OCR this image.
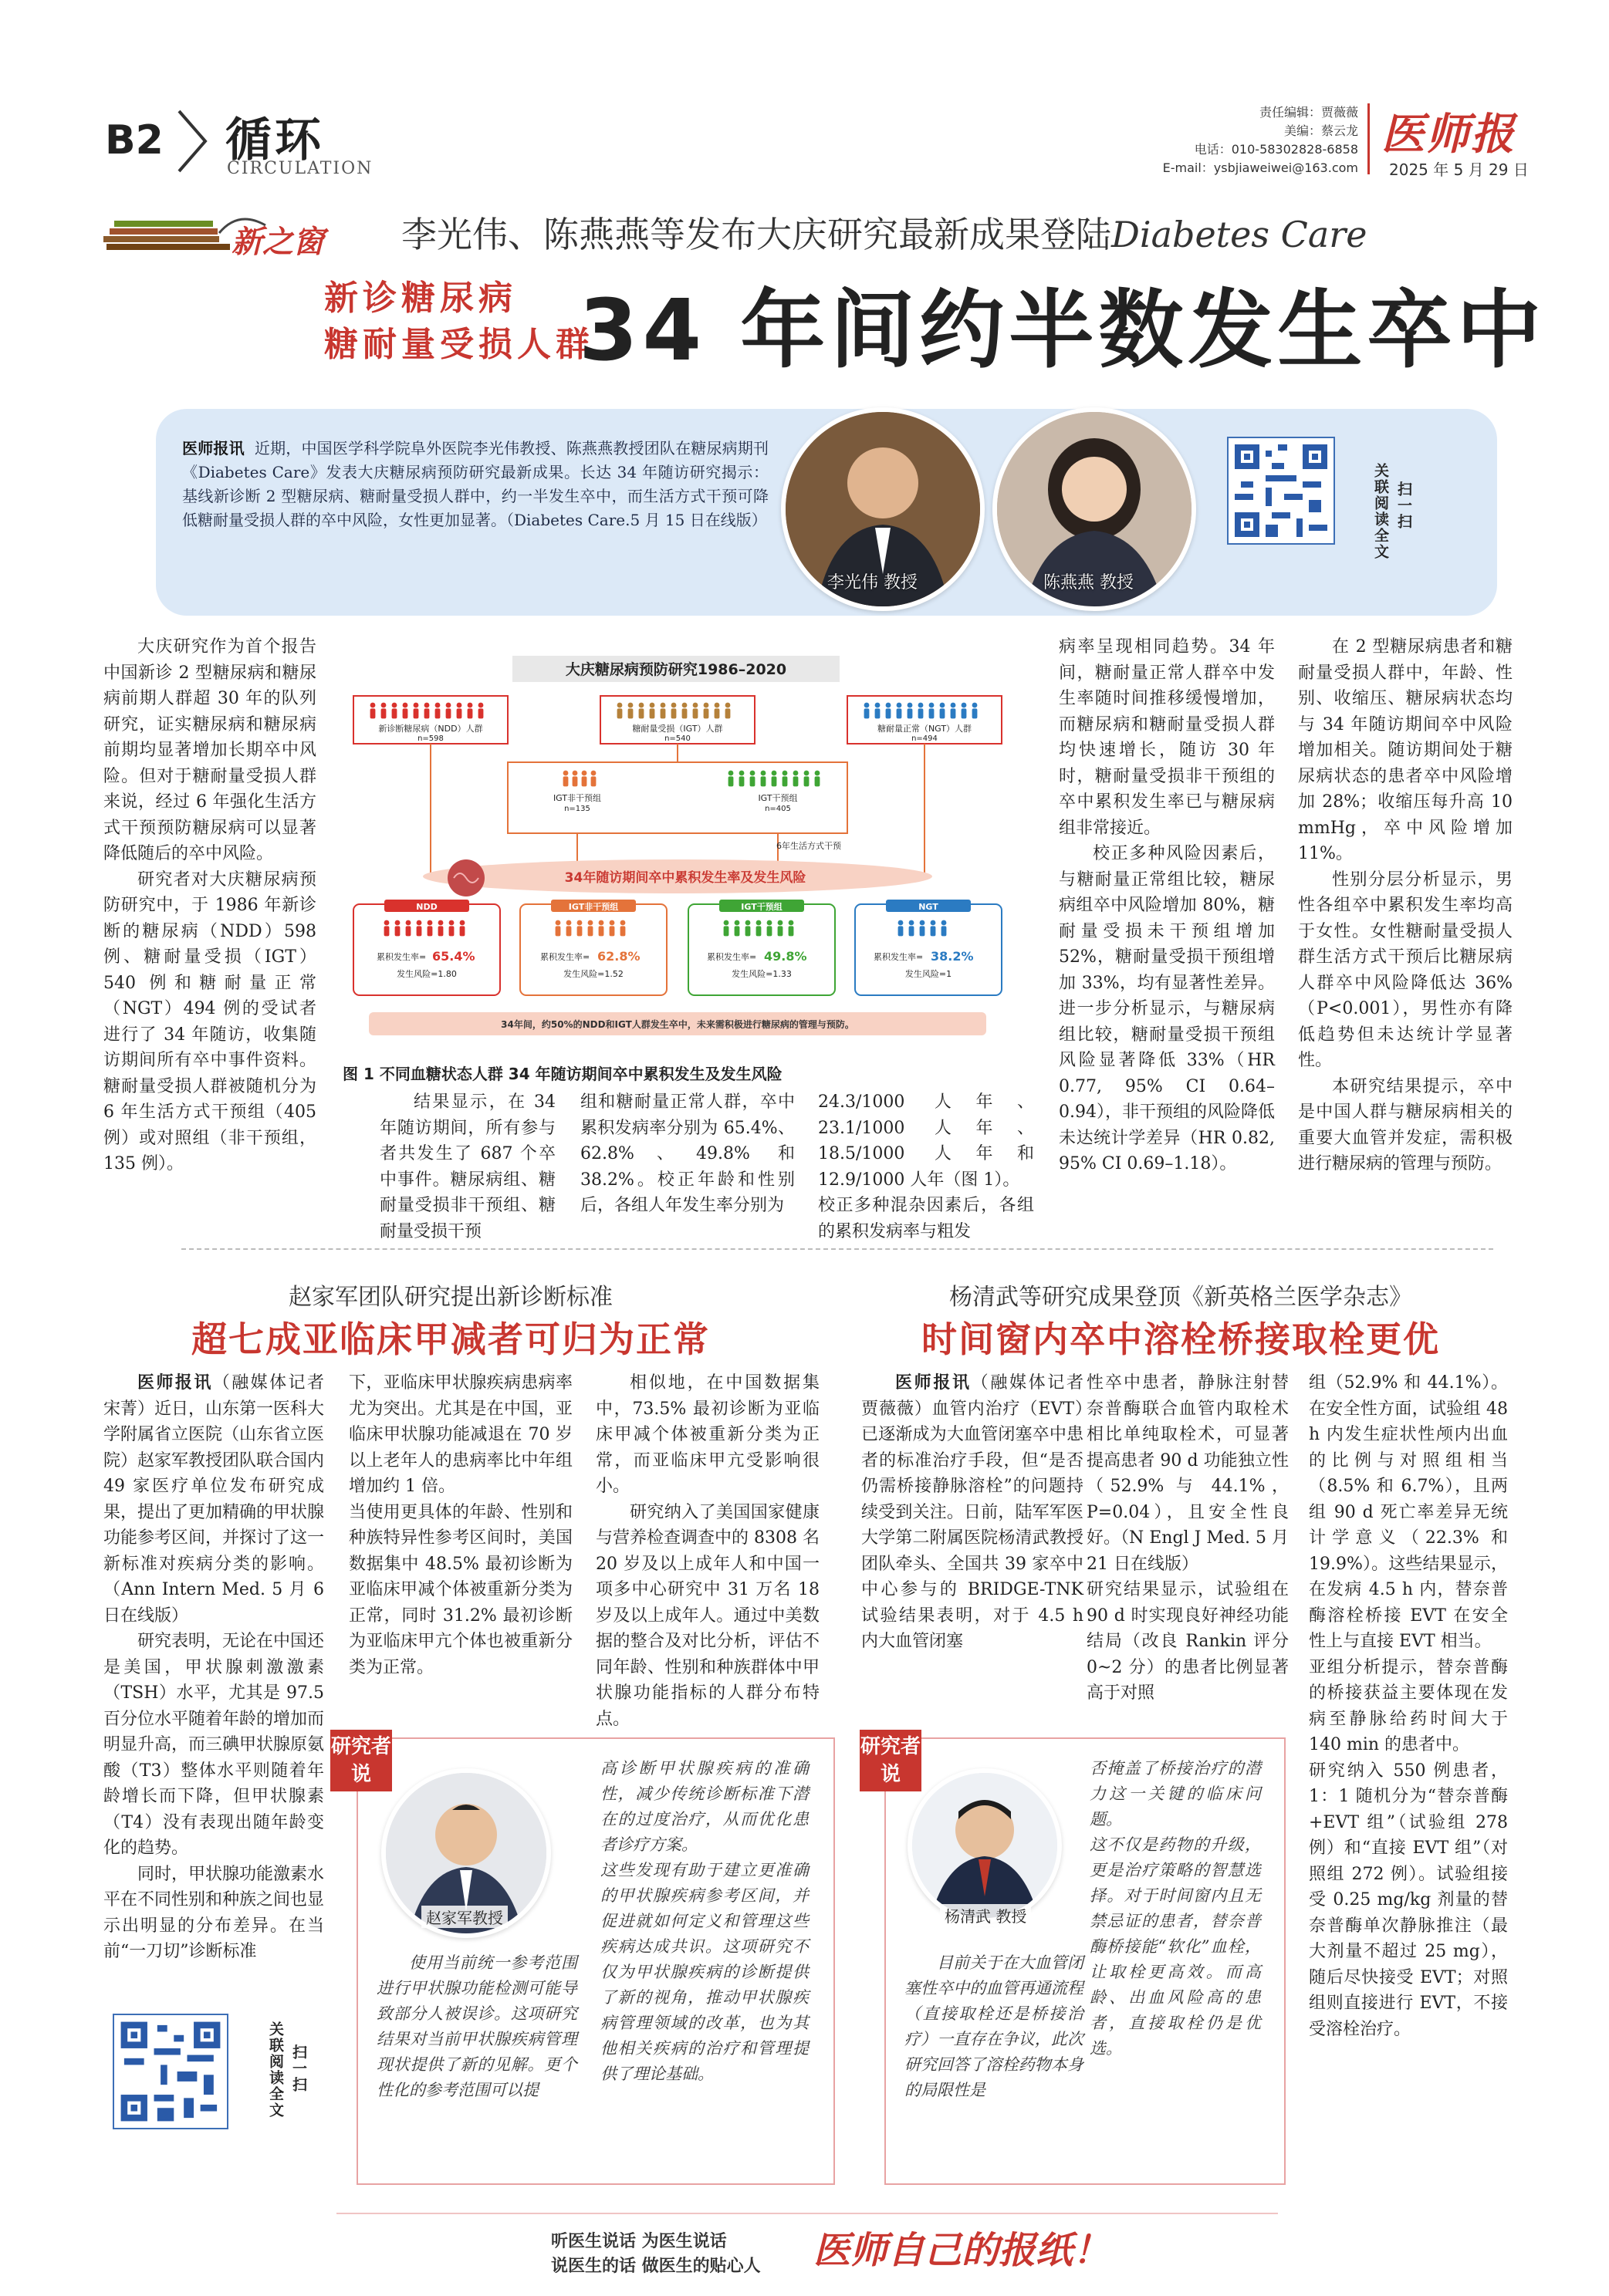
B2 循环
CIRCULATION
责任编辑：贾薇薇
美编：蔡云龙
电话：010-58302828-6858
E-mail：ysbjiaweiwei@163.com
医师报
2025 年 5 月 29 日
新之窗 李光伟、陈燕燕等发布大庆研究最新成果登陆Diabetes Care
新诊糖尿病
糖耐量受损人群
34 年间约半数发生卒中
医师报讯 近期，中国医学科学院阜外医院李光伟教授、陈燕燕教授团队在糖尿病期刊《Diabetes Care》发表大庆糖尿病预防研究最新成果。长达 34 年随访研究揭示：基线新诊断 2 型糖尿病、糖耐量受损人群中，约一半发生卒中，而生活方式干预可降低糖耐量受损人群的卒中风险，女性更加显著。（Diabetes Care.5 月 15 日在线版）
李光伟 教授	陈燕燕 教授
关联阅读全文 扫一扫

大庆研究作为首个报告中国新诊 2 型糖尿病和糖尿病前期人群超 30 年的队列研究，证实糖尿病和糖尿病前期均显著增加长期卒中风险。但对于糖耐量受损人群来说，经过 6 年强化生活方式干预预防糖尿病可以显著降低随后的卒中风险。

研究者对大庆糖尿病预防研究中，于 1986 年新诊断的糖尿病（NDD）598 例、糖耐量受损（IGT）540 例和糖耐量正常（NGT）494 例的受试者进行了 34 年随访，收集随访期间所有卒中事件资料。糖耐量受损人群被随机分为 6 年生活方式干预组（405 例）或对照组（非干预组，135 例）。

大庆糖尿病预防研究1986–2020
新诊断糖尿病（NDD）人群
n=598
糖耐量受损（IGT）人群
n=540
糖耐量正常（NGT）人群
n=494
IGT非干预组
n=135
IGT干预组
n=405
6年生活方式干预
34年随访期间卒中累积发生率及发生风险
NDD
累积发生率= 65.4%
发生风险=1.80
IGT非干预组
累积发生率= 62.8%
发生风险=1.52
IGT干预组
累积发生率= 49.8%
发生风险=1.33
NGT
累积发生率= 38.2%
发生风险=1
34年间，约50%的NDD和IGT人群发生卒中，未来需积极进行糖尿病的管理与预防。
图 1 不同血糖状态人群 34 年随访期间卒中累积发生及发生风险
结果显示，在 34 年随访期间，所有参与者共发生了 687 个卒中事件。糖尿病组、糖耐量受损非干预组、糖耐量受损干预
组和糖耐量正常人群，卒中累积发病率分别为 65.4%、62.8%、49.8% 和 38.2%。校正年龄和性别后，各组人年发生率分别为

24.3/1000 人年、23.1/1000 人年、18.5/1000 人年和 12.9/1000 人年（图 1）。

校正多种混杂因素后，各组的累积发病率与粗发

病率呈现相同趋势。34 年间，糖耐量正常人群卒中发生率随时间推移缓慢增加，而糖尿病和糖耐量受损人群均快速增长，随访 30 年时，糖耐量受损非干预组的卒中累积发生率已与糖尿病组非常接近。

校正多种风险因素后，与糖耐量正常组比较，糖尿病组卒中风险增加 80%，糖耐量受损未干预组增加 52%，糖耐量受损干预组增加 33%，均有显著性差异。进一步分析显示，与糖尿病组比较，糖耐量受损干预组风险显著降低 33%（HR 0.77, 95% CI 0.64–0.94），非干预组的风险降低未达统计学差异（HR 0.82, 95% CI 0.69–1.18）。

在 2 型糖尿病患者和糖耐量受损人群中，年龄、性别、收缩压、糖尿病状态均与 34 年随访期间卒中风险增加相关。随访期间处于糖尿病状态的患者卒中风险增加 28%；收缩压每升高 10 mmHg，卒中风险增加 11%。

性别分层分析显示，男性各组卒中累积发生率均高于女性。女性糖耐量受损人群生活方式干预后比糖尿病人群卒中风险降低达 36%（P<0.001），男性亦有降低趋势但未达统计学显著性。

本研究结果提示，卒中是中国人群与糖尿病相关的重要大血管并发症，需积极进行糖尿病的管理与预防。

赵家军团队研究提出新诊断标准
超七成亚临床甲减者可归为正常

医师报讯（融媒体记者 宋菁）近日，山东第一医科大学附属省立医院（山东省立医院）赵家军教授团队联合国内 49 家医疗单位发布研究成果，提出了更加精确的甲状腺功能参考区间，并探讨了这一新标准对疾病分类的影响。（Ann Intern Med. 5 月 6 日在线版）

研究表明，无论在中国还是美国，甲状腺刺激激素（TSH）水平，尤其是 97.5 百分位水平随着年龄的增加而明显升高，而三碘甲状腺原氨酸（T3）整体水平则随着年龄增长而下降，但甲状腺素（T4）没有表现出随年龄变化的趋势。

同时，甲状腺功能激素水平在不同性别和种族之间也显示出明显的分布差异。在当前“一刀切”诊断标准

下，亚临床甲状腺疾病患病率尤为突出。尤其是在中国，亚临床甲状腺功能减退在 70 岁以上老年人的患病率比中年组增加约 1 倍。

当使用更具体的年龄、性别和种族特异性参考区间时，美国数据集中 48.5% 最初诊断为亚临床甲减个体被重新分类为正常，同时 31.2% 最初诊断为亚临床甲亢个体也被重新分类为正常。

相似地，在中国数据集中，73.5% 最初诊断为亚临床甲减个体被重新分类为正常，而亚临床甲亢受影响很小。

研究纳入了美国国家健康与营养检查调查中的 8308 名 20 岁及以上成年人和中国一项多中心研究中 31 万名 18 岁及以上成年人。通过中美数据的整合及对比分析，评估不同年龄、性别和种族群体中甲状腺功能指标的人群分布特点。

关联阅读全文 扫一扫
研究者说
赵家军教授
使用当前统一参考范围进行甲状腺功能检测可能导致部分人被误诊。这项研究结果对当前甲状腺疾病管理现状提供了新的见解。更个性化的参考范围可以提

高诊断甲状腺疾病的准确性，减少传统诊断标准下潜在的过度治疗，从而优化患者诊疗方案。

这些发现有助于建立更准确的甲状腺疾病参考区间，并促进就如何定义和管理这些疾病达成共识。这项研究不仅为甲状腺疾病的诊断提供了新的视角，推动甲状腺疾病管理领域的改革，也为其他相关疾病的治疗和管理提供了理论基础。

杨清武等研究成果登顶《新英格兰医学杂志》
时间窗内卒中溶栓桥接取栓更优

医师报讯（融媒体记者 贾薇薇）血管内治疗（EVT）已逐渐成为大血管闭塞卒中患者的标准治疗手段，但“是否仍需桥接静脉溶栓”的问题持续受到关注。日前，陆军军医大学第二附属医院杨清武教授团队牵头、全国共 39 家卒中中心参与的 BRIDGE-TNK 试验结果表明，对于 4.5 h 内大血管闭塞

性卒中患者，静脉注射替奈普酶联合血管内取栓术相比单纯取栓术，可显著提高患者 90 d 功能独立性（52.9% 与 44.1%，P=0.04），且安全性良好。（N Engl J Med. 5 月 21 日在线版）

研究结果显示，试验组在 90 d 时实现良好神经功能结局（改良 Rankin 评分 0~2 分）的患者比例显著高于对照

组（52.9% 和 44.1%）。在安全性方面，试验组 48 h 内发生症状性颅内出血的比例与对照组相当（8.5% 和 6.7%），且两组 90 d 死亡率差异无统计学意义（22.3% 和 19.9%）。这些结果显示，在发病 4.5 h 内，替奈普酶溶栓桥接 EVT 在安全性上与直接 EVT 相当。

亚组分析提示，替奈普酶的桥接获益主要体现在发病至静脉给药时间大于 140 min 的患者中。

研究纳入 550 例患者，1：1 随机分为“替奈普酶+EVT 组”（试验组 278 例）和“直接 EVT 组”（对照组 272 例）。试验组接受 0.25 mg/kg 剂量的替奈普酶单次静脉推注（最大剂量不超过 25 mg），随后尽快接受 EVT；对照组则直接进行 EVT，不接受溶栓治疗。

研究者说
杨清武 教授
目前关于在大血管闭塞性卒中的血管再通流程（直接取栓还是桥接治疗）一直存在争议，此次研究回答了溶栓药物本身的局限性是

否掩盖了桥接治疗的潜力这一关键的临床问题。

这不仅是药物的升级，更是治疗策略的智慧选择。对于时间窗内且无禁忌证的患者，替奈普酶桥接能“软化”血栓，让取栓更高效。而高龄、出血风险高的患者，直接取栓仍是优选。

听医生说话 为医生说话
说医生的话 做医生的贴心人 医师自己的报纸！
